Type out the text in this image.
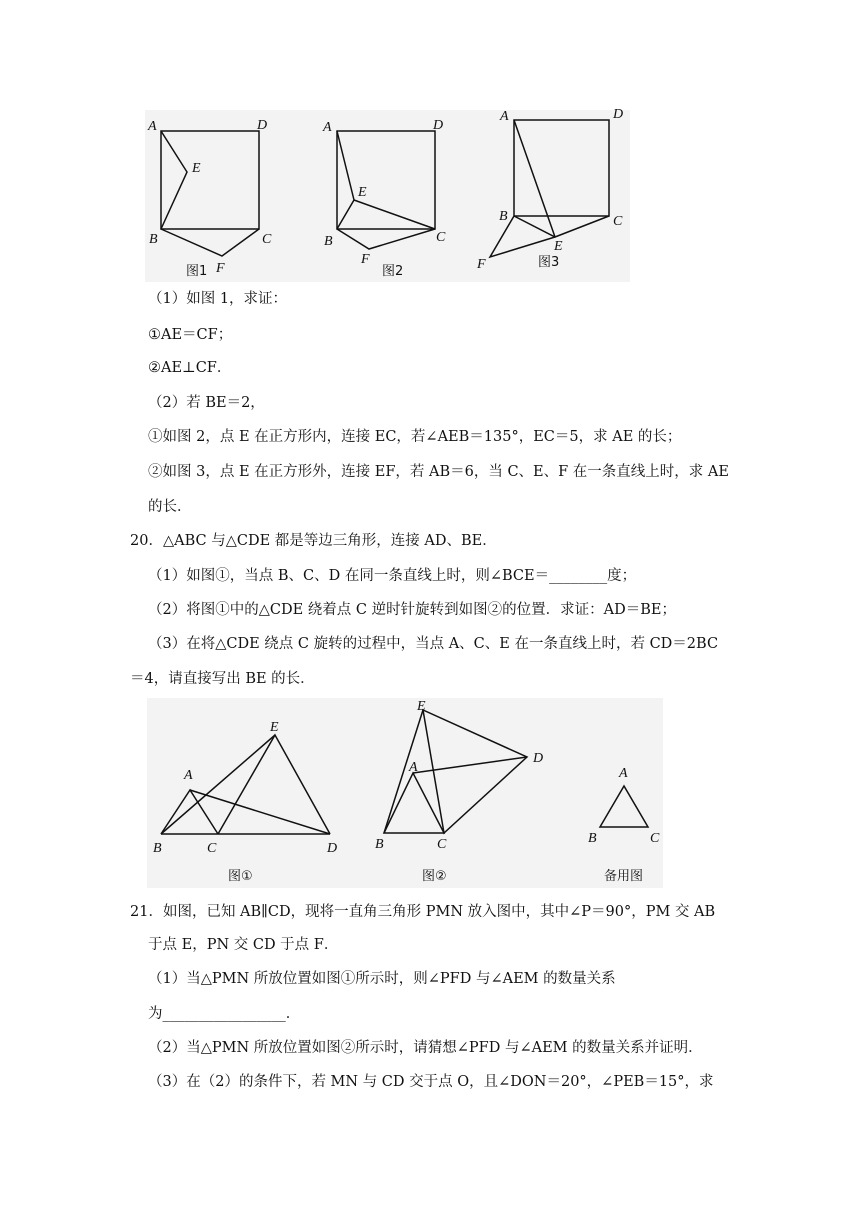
A	D
E
B	C
F
图1
A	D
E
B	C
F
图2
A	D
E
B	C
F	图3
（1）如图 1，求证：
①AE＝CF；
②AE⊥CF．
（2）若 BE＝2，
①如图 2，点 E 在正方形内，连接 EC，若∠AEB＝135°，EC＝5，求 AE 的长；
②如图 3，点 E 在正方形外，连接 EF，若 AB＝6，当 C、E、F 在一条直线上时，求 AE
的长．
20．△ABC 与△CDE 都是等边三角形，连接 AD、BE．
（1）如图①，当点 B、C、D 在同一条直线上时，则∠BCE＝________度；
（2）将图①中的△CDE 绕着点 C 逆时针旋转到如图②的位置．求证：AD＝BE；
（3）在将△CDE 绕点 C 旋转的过程中，当点 A、C、E 在一条直线上时，若 CD＝2BC
＝4，请直接写出 BE 的长．
A
E
B	C	D
图①
E
D
A
B	C
图②
A
B	C
备用图
21．如图，已知 AB∥CD，现将一直角三角形 PMN 放入图中，其中∠P＝90°，PM 交 AB
于点 E，PN 交 CD 于点 F．
（1）当△PMN 所放位置如图①所示时，则∠PFD 与∠AEM 的数量关系
为_________________．
（2）当△PMN 所放位置如图②所示时，请猜想∠PFD 与∠AEM 的数量关系并证明．
（3）在（2）的条件下，若 MN 与 CD 交于点 O，且∠DON＝20°，∠PEB＝15°，求
